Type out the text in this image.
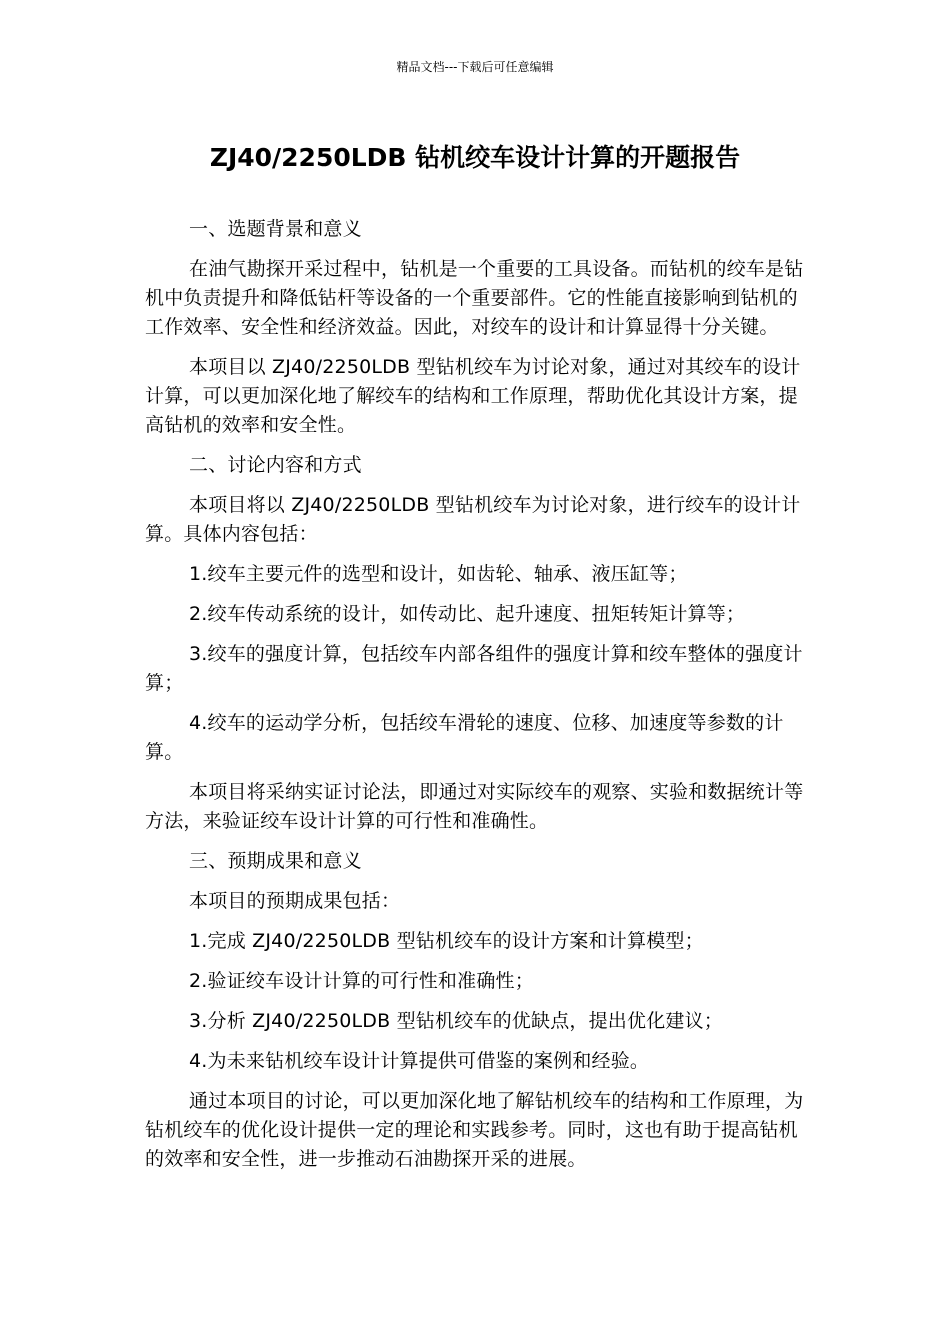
精品文档---下载后可任意编辑
ZJ40/2250LDB 钻机绞车设计计算的开题报告

一、选题背景和意义

在油气勘探开采过程中，钻机是一个重要的工具设备。而钻机的绞车是钻机中负责提升和降低钻杆等设备的一个重要部件。它的性能直接影响到钻机的工作效率、安全性和经济效益。因此，对绞车的设计和计算显得十分关键。

本项目以 ZJ40/2250LDB 型钻机绞车为讨论对象，通过对其绞车的设计计算，可以更加深化地了解绞车的结构和工作原理，帮助优化其设计方案，提高钻机的效率和安全性。

二、讨论内容和方式

本项目将以 ZJ40/2250LDB 型钻机绞车为讨论对象，进行绞车的设计计算。具体内容包括：

1.绞车主要元件的选型和设计，如齿轮、轴承、液压缸等；

2.绞车传动系统的设计，如传动比、起升速度、扭矩转矩计算等；

3.绞车的强度计算，包括绞车内部各组件的强度计算和绞车整体的强度计算；

4.绞车的运动学分析，包括绞车滑轮的速度、位移、加速度等参数的计算。

本项目将采纳实证讨论法，即通过对实际绞车的观察、实验和数据统计等方法，来验证绞车设计计算的可行性和准确性。

三、预期成果和意义

本项目的预期成果包括：

1.完成 ZJ40/2250LDB 型钻机绞车的设计方案和计算模型；

2.验证绞车设计计算的可行性和准确性；

3.分析 ZJ40/2250LDB 型钻机绞车的优缺点，提出优化建议；

4.为未来钻机绞车设计计算提供可借鉴的案例和经验。

通过本项目的讨论，可以更加深化地了解钻机绞车的结构和工作原理，为钻机绞车的优化设计提供一定的理论和实践参考。同时，这也有助于提高钻机的效率和安全性，进一步推动石油勘探开采的进展。
